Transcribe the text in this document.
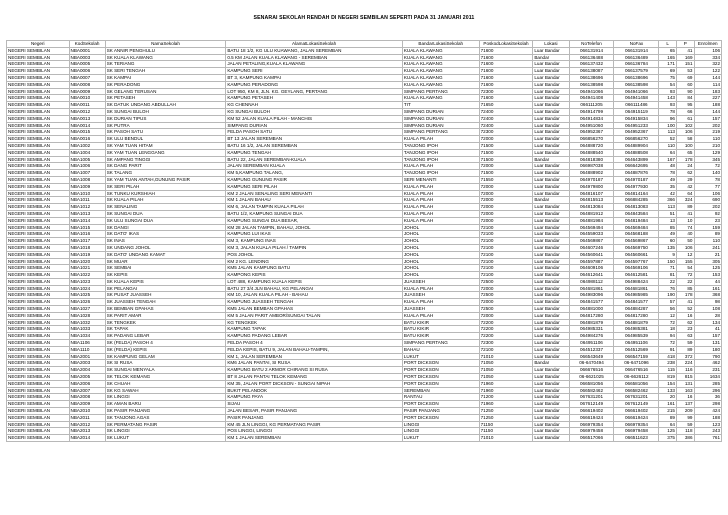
SENARAI SEKOLAH RENDAH DI NEGERI SEMBILAN SEPERTI PADA 31 JANUARI 2011
Negeri	KodSekolah	NamaSekolah	AlamatLokasiSekolah	BandarLokasiSekolah	PoskodLokasiSekolah	Lokasi	NoTelefon	NoFax	L	P	Enrolmen
NEGERI SEMBILAN	NBA0001	SK ANNIR PENGHULU	BATU 18 1/2, KG ULU KUAWANG, JALAN SEREMBAN	KUALA KLAWANG	71600	Luar Bandar	066131914	066131914	65	41	106
NEGERI SEMBILAN	NBA0003	SK KUALA KLAWANG	0.5 KM JALAN KUALA KLAWANG - SEREMBAN	KUALA KLAWANG	71600	Bandar	066136488	066136489	165	169	334
NEGERI SEMBILAN	NBA0005	SK TERIANG	JALAN PETALING,KUALA KLAWANG	KUALA KLAWANG	71600	Luar Bandar	066137432	066136784	171	151	322
NEGERI SEMBILAN	NBA0006	SK SERI TENGAH	KAMPUNG SERI	KUALA KLAWANG	71600	Luar Bandar	066138087	066137579	69	53	122
NEGERI SEMBILAN	NBA0007	SK KAMPAI	BT 3, KAMPUNG KAMPAI	KUALA KLAWANG	71600	Luar Bandar	066138696	066138696	75	69	144
NEGERI SEMBILAN	NBA0008	SK PERADONG	KAMPUNG PERADONG	KUALA KLAWANG	71600	Luar Bandar	066138598	066138598	54	60	114
NEGERI SEMBILAN	NBA0009	SK GELANG TERUSAN	LOT 950, KM 8, JLN. KG. GEYLANG, PERTANG	SIMPANG PERTANG	72300	Luar Bandar	064941066	064941066	93	90	183
NEGERI SEMBILAN	NBA0010	SK PETASEH	KAMPUNG PETASEH	KUALA KLAWANG	71600	Luar Bandar	064941408	064941458	143	84	227
NEGERI SEMBILAN	NBA0011	SK DATUK UNDANG ABDULLAH	KG CHENNAH	TIT	71650	Luar Bandar	066111205	066111486	93	95	188
NEGERI SEMBILAN	NBA0012	SK SUNGAI BULOH	KG SUNGAI BULOH	SIMPANG DURIAN	72400	Luar Bandar	064914799	064915119	78	66	144
NEGERI SEMBILAN	NBA0013	SK DURIAN TIPUS	KM 52 JALAN KUALA PILAH - MANCHIS	SIMPANG DURIAN	72400	Luar Bandar	064914834	064915834	96	61	157
NEGERI SEMBILAN	NBA0014	SK PUTRA	SIMPANG DURIAN	SIMPANG DURIAN	72400	Luar Bandar	064951060	064951233	100	102	202
NEGERI SEMBILAN	NBA0015	SK PASOH SATU	FELDA PASOH SATU	SIMPANG PERTANG	72300	Luar Bandar	064952367	064952367	113	106	219
NEGERI SEMBILAN	NBA0016	SK ULU BENDUL	BT 13 JALAN SEREMBAN	KUALA PILAH	72000	Luar Bandar	066856270	066856270	52	58	110
NEGERI SEMBILAN	NBA1002	SK YAM TUAN HITAM	BATU 16 1/2, JALAN SEREMBAN	TANJONG IPOH	71500	Luar Bandar	064888720	064889904	110	100	210
NEGERI SEMBILAN	NBA1004	SK YAM TUAN LENGGANG	KAMPUNG TENGAH	TANJONG IPOH	71500	Luar Bandar	064888540	064888508	64	65	129
NEGERI SEMBILAN	NBA1005	SK AMPANG TINGGI	BATU 22, JALAN SEREMBAN-KUALA	TANJONG IPOH	71500	Bandar	064818380	064643899	167	178	345
NEGERI SEMBILAN	NBA1006	SK DANG PARIT	JALAN SEREMBAN KUALA	KUALA PILAH	72000	Luar Bandar	066987038	066642695	48	24	72
NEGERI SEMBILAN	NBA1007	SK TALANG	KM 5,KAMPUNG TALANG,	TANJONG IPOH	71500	Luar Bandar	064888902	064887876	78	62	140
NEGERI SEMBILAN	NBA1008	SK YAM TUAN ANTAH,GUNUNG PASIR	KAMPUNG GUNUNG PASIR	SERI MENANTI	71550	Luar Bandar	064970187	064970187	49	29	78
NEGERI SEMBILAN	NBA1009	SK SERI PILAH	KAMPUNG SERI PILAH	KUALA PILAH	72000	Luar Bandar	064979800	064977930	35	42	77
NEGERI SEMBILAN	NBA1010	SK TUNKU KURSHIAH	KM 2 JALAN SENALING SERI MENANTI	KUALA PILAH	72000	Luar Bandar	064816107	064814164	42	64	106
NEGERI SEMBILAN	NBA1011	SK KUALA PILAH	KM 1 JALAN BAHAU	KUALA PILAH	72000	Bandar	064815513	066884285	366	324	690
NEGERI SEMBILAN	NBA1012	SK SENALING	KM 6, JALAN TAMPIN KUALA PILAH	KUALA PILAH	72000	Luar Bandar	064813084	064813083	113	89	202
NEGERI SEMBILAN	NBA1013	SK SUNGAI DUA	BATU 1/2, KAMPUNG SUNGAI DUA	KUALA PILAH	72000	Luar Bandar	064881912	064843584	51	41	92
NEGERI SEMBILAN	NBA1014	SK ULU SUNGAI DUA	KAMPUNG SUNGAI DUA BESAR,	KUALA PILAH	72000	Luar Bandar	064881984	064819484	13	10	23
NEGERI SEMBILAN	NBA1015	SK DANGI	KM 28 JALAN TAMPIN, BAHAU, JOHOL	JOHOL	72100	Luar Bandar	064569494	064569484	85	74	159
NEGERI SEMBILAN	NBA1016	SK DATO' IKAS	KAMPUNG LUI IKAS	JOHOL	72100	Luar Bandar	064559033	064568188	49	40	89
NEGERI SEMBILAN	NBA1017	SK INAS	KM 3, KAMPUNG INAS	JOHOL	72100	Luar Bandar	064569867	064569867	60	50	110
NEGERI SEMBILAN	NBA1018	SK UNDANG JOHOL	KM 3, JALAN KUALA PILAH / TAMPIN	JOHOL	72100	Luar Bandar	064607246	064569750	135	106	241
NEGERI SEMBILAN	NBA1019	SK DATO' UNDANG KAMAT	POS JOHOL	JOHOL	72100	Luar Bandar	064560641	064560661	9	12	21
NEGERI SEMBILAN	NBA1020	SK MUAR	KM 2 KG. LENDING	JOHOL	72100	Luar Bandar	064597887	064597767	150	155	305
NEGERI SEMBILAN	NBA1021	SK SEMBAI	KM5 JALAN KAMPUNG BATU	JOHOL	72100	Luar Bandar	064609106	064569106	71	54	125
NEGERI SEMBILAN	NBA1022	SK KEPIS	KAMPONG KEPIS	JOHOL	72100	Luar Bandar	064612641	064612581	81	72	153
NEGERI SEMBILAN	NBA1023	SK KUALA KEPIS	LOT 488, KAMPUNG KUALA KEPIS	JUASSEH	72500	Luar Bandar	064988112	064988424	22	22	44
NEGERI SEMBILAN	NBA1024	SK PELANGAI	BATU 27 3/4 JLN BAHAU, KG PELANGAI	KUALA PILAH	72000	Luar Bandar	064681861	064681861	76	85	161
NEGERI SEMBILAN	NBA1025	SK PUSAT JUASSEH	KM 10, JALAN KUALA PILAH - BAHAU	JUASSEH	72500	Luar Bandar	064983096	064985985	190	178	368
NEGERI SEMBILAN	NBA1026	SK JUASSEH TENGAH	KAMPUNG JUASSEH TENGAH	KUALA PILAH	72000	Luar Bandar	064841577	064841577	57	41	98
NEGERI SEMBILAN	NBA1027	SK BEMBAN GPAHAS	KM5 JALAN BEMBAN GPAHAS	JUASSEH	72500	Luar Bandar	064881000	064884287	56	52	108
NEGERI SEMBILAN	NBA1028	SK PARIT AMAR	KM 5 JALAN PARIT AMBOR/SUNGAI TALAN	KUALA PILAH	72000	Luar Bandar	064817280	064817280	12	16	28
NEGERI SEMBILAN	NBA1032	SK TENGKEK	KG TENGKEK	BATU KIKIR	72200	Luar Bandar	064881879	064881879	72	62	134
NEGERI SEMBILAN	NBA1033	SK TAPAK	KAMPUNG TAPAK	BATU KIKIR	72200	Luar Bandar	064985331	064985381	18	23	41
NEGERI SEMBILAN	NBA1034	SK PADANG LEBAR	KAMPUNG PADANG LEBAR	BATU KIKIR	72200	Luar Bandar	064984276	064985539	94	63	157
NEGERI SEMBILAN	NBA1106	SK (FELDA) PASOH 4	FELDA PASOH 4	SIMPANG PERTANG	72300	Luar Bandar	064951106	064951106	72	59	131
NEGERI SEMBILAN	NBA1110	SK (FELDA) KEPIS	FELDA KEPIS, BATU 9, JALAN BAHAU-TAMPIN,	BAHAU	72100	Luar Bandar	064512337	064512569	91	89	180
NEGERI SEMBILAN	NBA2001	SK KAMPUNG GELAM	KM 1, JALAN SEREMBAN	LUKUT	71010	Luar Bandar	066543649	066547159	418	372	790
NEGERI SEMBILAN	NBA2003	SK SI RUSA	KM6 JALAN PANTAI, SI RUSA	PORT DICKSON	71050	Bandar	06-6470494	06-6471096	238	224	462
NEGERI SEMBILAN	NBA2004	SK SUNGAI MENYALA	KAMPUNG BATU 2 ARMOR CHIRANG SI RUSA	PORT DICKSON	71050	Luar Bandar	066676516	066476516	115	116	231
NEGERI SEMBILAN	NBA2005	SK TELOK KEMANG	BT 8 JALAN PANTAI TELOK KEMANG	PORT DICKSON	71050	Luar Bandar	06-6621025	06-6626112	819	815	1634
NEGERI SEMBILAN	NBA2006	SK CHUAH	KM 35, JALAN PORT DICKSON - SUNGAI NIPAH	PORT DICKSON	71960	Luar Bandar	066581056	066581056	154	131	285
NEGERI SEMBILAN	NBA2007	SK KG SAWAH	BUKIT PELANDOK	SEREMBAN	71960	Luar Bandar	066582462	066582462	133	163	296
NEGERI SEMBILAN	NBA2008	SK LINGGI	KAMPUNG PAYA	RANTAU	71200	Luar Bandar	067631201	067631201	20	16	36
NEGERI SEMBILAN	NBA2009	SK AMAN BARU	SIJAU	PORT DICKSON	71960	Luar Bandar	067612149	067612149	161	137	298
NEGERI SEMBILAN	NBA2010	SK PASIR PANJANG	JALAN BESAR, PASIR PANJANG	PASIR PANJANG	71250	Luar Bandar	066619402	066619402	215	209	424
NEGERI SEMBILAN	NBA2011	SK TANJONG AGAS	PASIR PANJANG	PORT DICKSON	71250	Luar Bandar	066619424	066619424	89	99	188
NEGERI SEMBILAN	NBA2012	SK PERMATANG PASIR	KM 45 JLN LINGGI, KG PERMATANG PASIR	LINGGI	71150	Luar Bandar	066979354	066979354	64	59	123
NEGERI SEMBILAN	NBA2013	SK LINGGI	POS LINGGI, LINGGI	LINGGI	71150	Luar Bandar	066979458	066979458	125	118	243
NEGERI SEMBILAN	NBA2014	SK LUKUT	KM 1 JALAN SEREMBAN	LUKUT	71010	Luar Bandar	066517066	066511623	375	386	761
